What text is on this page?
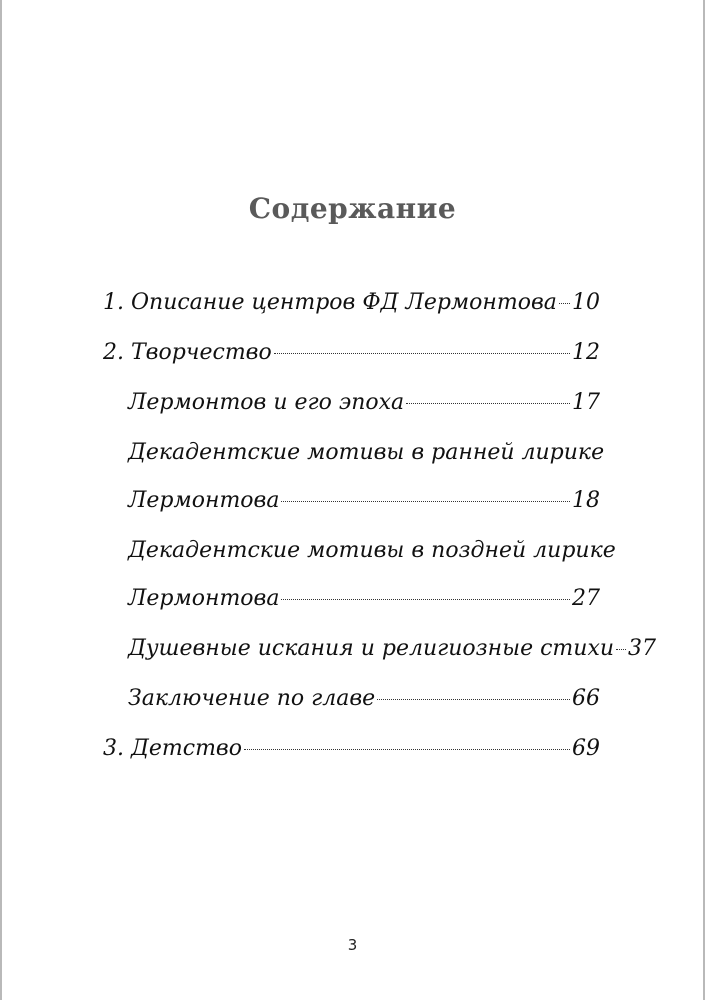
Содержание
1. Описание центров ФД Лермонтова 10
2. Творчество	12
Лермонтов и его эпоха	17
Декадентские мотивы в ранней лирике
Лермонтова	18
Декадентские мотивы в поздней лирике
Лермонтова	27
Душевные искания и религиозные стихи 37
Заключение по главе	66
3. Детство	69
3
